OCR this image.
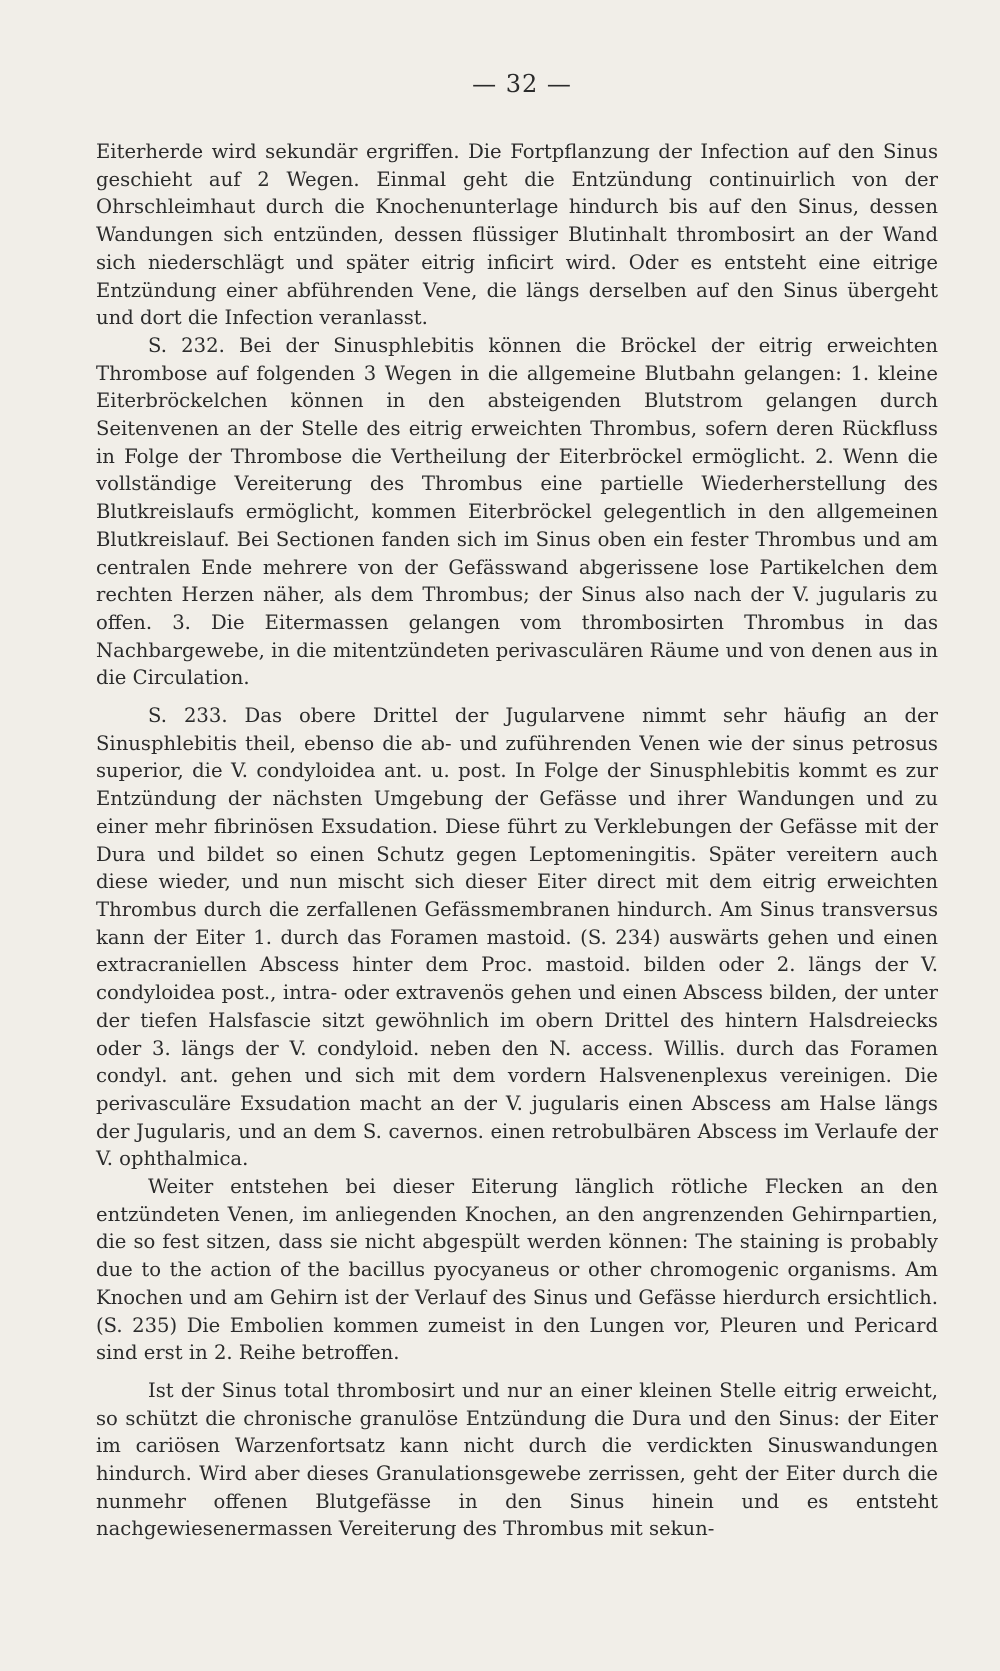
— 32 —

Eiterherde wird sekundär ergriffen. Die Fortpflanzung der Infection auf den Sinus geschieht auf 2 Wegen. Einmal geht die Entzündung continuirlich von der Ohrschleimhaut durch die Knochenunterlage hindurch bis auf den Sinus, dessen Wandungen sich entzünden, dessen flüssiger Blutinhalt thrombosirt an der Wand sich niederschlägt und später eitrig inficirt wird. Oder es entsteht eine eitrige Entzündung einer abführenden Vene, die längs derselben auf den Sinus übergeht und dort die Infection veranlasst.

S. 232. Bei der Sinusphlebitis können die Bröckel der eitrig erweichten Thrombose auf folgenden 3 Wegen in die allgemeine Blutbahn gelangen: 1. kleine Eiterbröckelchen können in den absteigenden Blutstrom gelangen durch Seitenvenen an der Stelle des eitrig erweichten Thrombus, sofern deren Rückfluss in Folge der Thrombose die Vertheilung der Eiterbröckel ermöglicht. 2. Wenn die vollständige Vereiterung des Thrombus eine partielle Wiederherstellung des Blutkreislaufs ermöglicht, kommen Eiterbröckel gelegentlich in den allgemeinen Blutkreislauf. Bei Sectionen fanden sich im Sinus oben ein fester Thrombus und am centralen Ende mehrere von der Gefässwand abgerissene lose Partikelchen dem rechten Herzen näher, als dem Thrombus; der Sinus also nach der V. jugularis zu offen. 3. Die Eitermassen gelangen vom thrombosirten Thrombus in das Nachbargewebe, in die mitentzündeten perivasculären Räume und von denen aus in die Circulation.

S. 233. Das obere Drittel der Jugularvene nimmt sehr häufig an der Sinusphlebitis theil, ebenso die ab- und zuführenden Venen wie der sinus petrosus superior, die V. condyloidea ant. u. post. In Folge der Sinusphlebitis kommt es zur Entzündung der nächsten Umgebung der Gefässe und ihrer Wandungen und zu einer mehr fibrinösen Exsudation. Diese führt zu Verklebungen der Gefässe mit der Dura und bildet so einen Schutz gegen Leptomeningitis. Später vereitern auch diese wieder, und nun mischt sich dieser Eiter direct mit dem eitrig erweichten Thrombus durch die zerfallenen Gefässmembranen hindurch. Am Sinus transversus kann der Eiter 1. durch das Foramen mastoid. (S. 234) auswärts gehen und einen extracraniellen Abscess hinter dem Proc. mastoid. bilden oder 2. längs der V. condyloidea post., intra- oder extravenös gehen und einen Abscess bilden, der unter der tiefen Halsfascie sitzt gewöhnlich im obern Drittel des hintern Halsdreiecks oder 3. längs der V. condyloid. neben den N. access. Willis. durch das Foramen condyl. ant. gehen und sich mit dem vordern Halsvenenplexus vereinigen. Die perivasculäre Exsudation macht an der V. jugularis einen Abscess am Halse längs der Jugularis, und an dem S. cavernos. einen retrobulbären Abscess im Verlaufe der V. ophthalmica.

Weiter entstehen bei dieser Eiterung länglich rötliche Flecken an den entzündeten Venen, im anliegenden Knochen, an den angrenzenden Gehirnpartien, die so fest sitzen, dass sie nicht abgespült werden können: The staining is probably due to the action of the bacillus pyocyaneus or other chromogenic organisms. Am Knochen und am Gehirn ist der Verlauf des Sinus und Gefässe hierdurch ersichtlich. (S. 235) Die Embolien kommen zumeist in den Lungen vor, Pleuren und Pericard sind erst in 2. Reihe betroffen.

Ist der Sinus total thrombosirt und nur an einer kleinen Stelle eitrig erweicht, so schützt die chronische granulöse Entzündung die Dura und den Sinus: der Eiter im cariösen Warzenfortsatz kann nicht durch die verdickten Sinuswandungen hindurch. Wird aber dieses Granulationsgewebe zerrissen, geht der Eiter durch die nunmehr offenen Blutgefässe in den Sinus hinein und es entsteht nachgewiesenermassen Vereiterung des Thrombus mit sekun-
